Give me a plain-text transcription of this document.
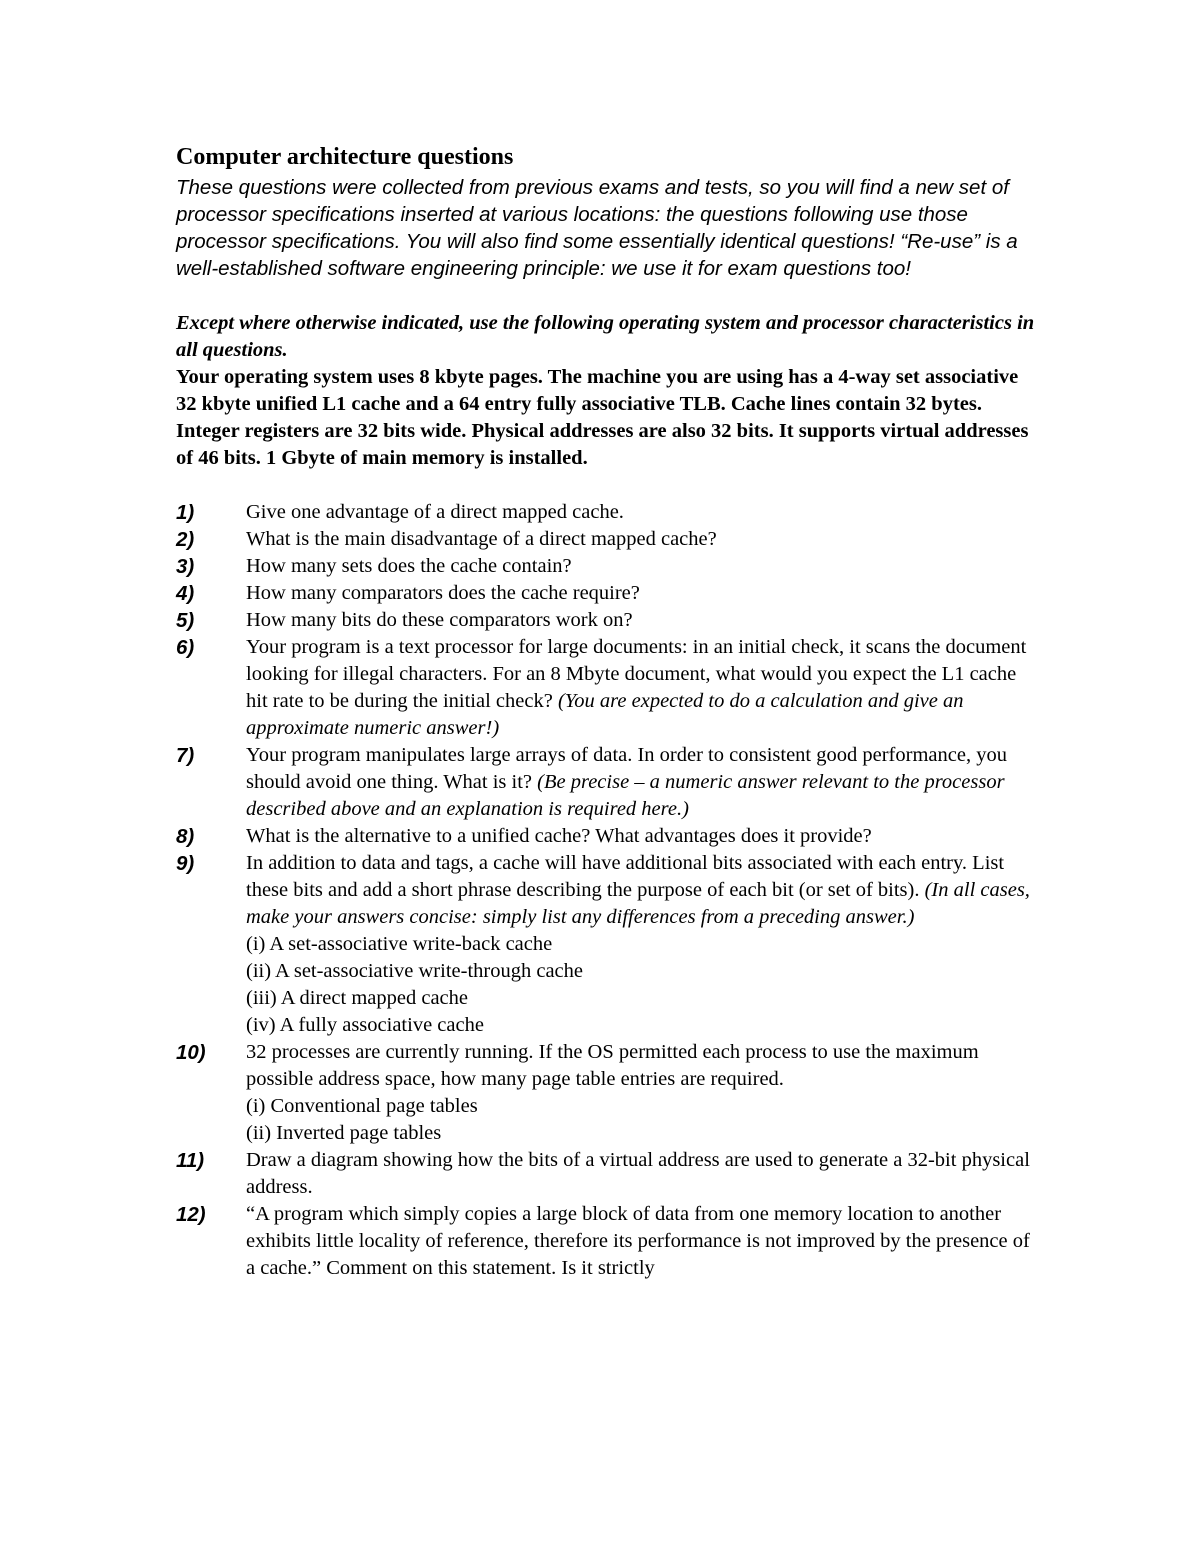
Computer architecture questions

These questions were collected from previous exams and tests, so you will find a new set of processor specifications inserted at various locations: the questions following use those processor specifications. You will also find some essentially identical questions! “Re-use” is a well-established software engineering principle: we use it for exam questions too!

Except where otherwise indicated, use the following operating system and processor characteristics in all questions.

Your operating system uses 8 kbyte pages. The machine you are using has a 4-way set associative 32 kbyte unified L1 cache and a 64 entry fully associative TLB. Cache lines contain 32 bytes. Integer registers are 32 bits wide. Physical addresses are also 32 bits. It supports virtual addresses of 46 bits. 1 Gbyte of main memory is installed.

1)	Give one advantage of a direct mapped cache.
2)	What is the main disadvantage of a direct mapped cache?
3)	How many sets does the cache contain?
4)	How many comparators does the cache require?
5)	How many bits do these comparators work on?
6)	Your program is a text processor for large documents: in an initial check, it scans the document looking for illegal characters. For an 8 Mbyte document, what would you expect the L1 cache hit rate to be during the initial check? (You are expected to do a calculation and give an approximate numeric answer!)
7)	Your program manipulates large arrays of data. In order to consistent good performance, you should avoid one thing. What is it? (Be precise – a numeric answer relevant to the processor described above and an explanation is required here.)
8)	What is the alternative to a unified cache? What advantages does it provide?
9)	In addition to data and tags, a cache will have additional bits associated with each entry. List these bits and add a short phrase describing the purpose of each bit (or set of bits). (In all cases, make your answers concise: simply list any differences from a preceding answer.)
(i) A set-associative write-back cache
(ii) A set-associative write-through cache
(iii) A direct mapped cache
(iv) A fully associative cache
10)	32 processes are currently running. If the OS permitted each process to use the maximum possible address space, how many page table entries are required.
(i) Conventional page tables
(ii) Inverted page tables
11)	Draw a diagram showing how the bits of a virtual address are used to generate a 32-bit physical address.
12)	“A program which simply copies a large block of data from one memory location to another exhibits little locality of reference, therefore its performance is not improved by the presence of a cache.” Comment on this statement. Is it strictly
